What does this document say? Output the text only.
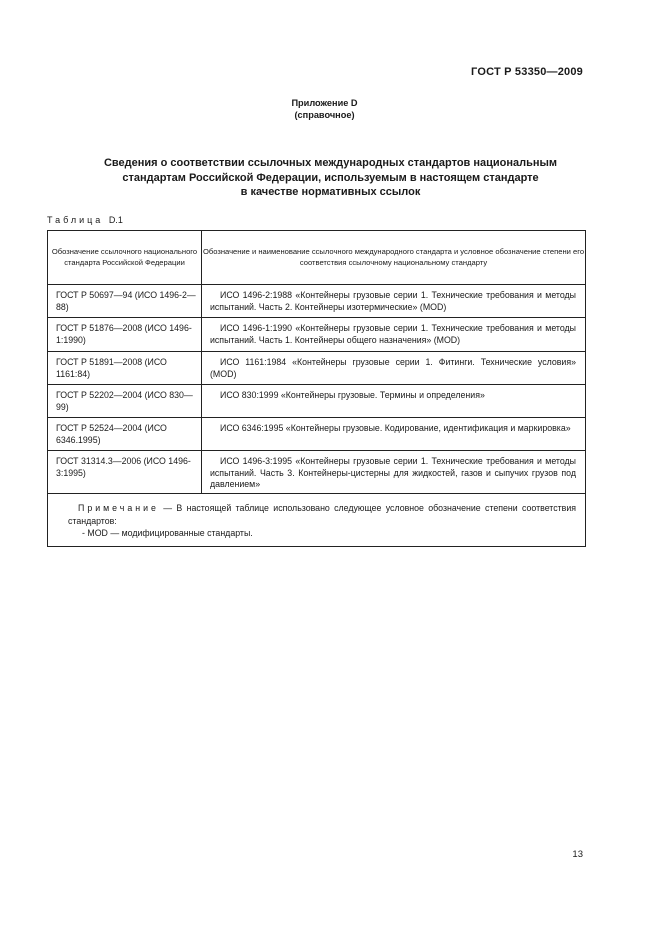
ГОСТ Р 53350—2009
Приложение D
(справочное)
Сведения о соответствии ссылочных международных стандартов национальным
стандартам Российской Федерации, используемым в настоящем стандарте
в качестве нормативных ссылок
Таблица D.1
Обозначение ссылочного национального стандарта Российской Федерации
Обозначение и наименование ссылочного международного стандарта и условное обозначение степени его соответствия ссылочному национальному стандарту
ГОСТ Р 50697—94 (ИСО 1496-2—88)
ИСО 1496-2:1988 «Контейнеры грузовые серии 1. Технические требования и методы испытаний. Часть 2. Контейнеры изотермические» (MOD)
ГОСТ Р 51876—2008 (ИСО 1496-1:1990)
ИСО 1496-1:1990 «Контейнеры грузовые серии 1. Технические требования и методы испытаний. Часть 1. Контейнеры общего назначения» (MOD)
ГОСТ Р 51891—2008 (ИСО 1161:84)
ИСО 1161:1984 «Контейнеры грузовые серии 1. Фитинги. Технические условия» (MOD)
ГОСТ Р 52202—2004 (ИСО 830—99)
ИСО 830:1999 «Контейнеры грузовые. Термины и определения»
ГОСТ Р 52524—2004 (ИСО 6346.1995)
ИСО 6346:1995 «Контейнеры грузовые. Кодирование, идентификация и маркировка»
ГОСТ 31314.3—2006 (ИСО 1496-3:1995)
ИСО 1496-3:1995 «Контейнеры грузовые серии 1. Технические требования и методы испытаний. Часть 3. Контейнеры-цистерны для жидкостей, газов и сыпучих грузов под давлением»
Примечание — В настоящей таблице использовано следующее условное обозначение степени соответствия стандартов:
- MOD — модифицированные стандарты.
13
